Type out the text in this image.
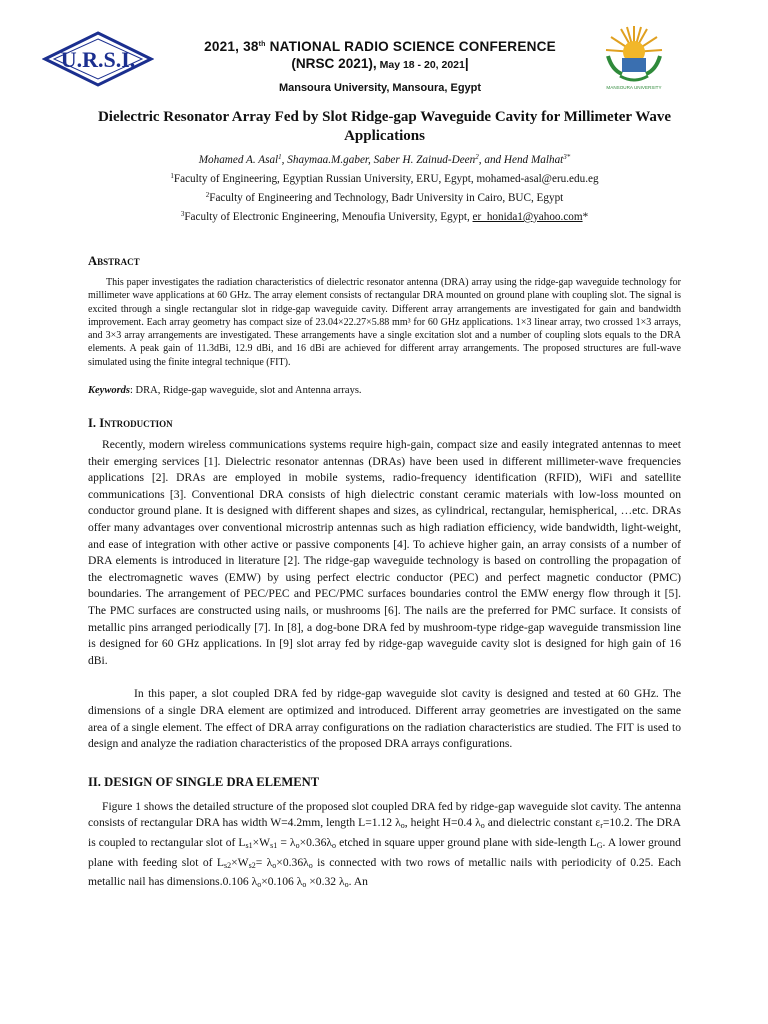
U.R.S.I.
2021, 38th NATIONAL RADIO SCIENCE CONFERENCE
(NRSC 2021), May 18 - 20, 2021|
Mansoura University, Mansoura, Egypt	MANSOURA UNIVERSITY

Dielectric Resonator Array Fed by Slot Ridge-gap Waveguide Cavity for Millimeter Wave Applications

Mohamed A. Asal$^1$, Shaymaa.M.gaber, Saber H. Zainud-Deen$^2$, and Hend Malhat$^{3*}$
$^1$Faculty of Engineering, Egyptian Russian University, ERU, Egypt, mohamed-asal@eru.edu.eg
$^2$Faculty of Engineering and Technology, Badr University in Cairo, BUC, Egypt
$^3$Faculty of Electronic Engineering, Menoufia University, Egypt, er_honida1@yahoo.com*

Abstract

This paper investigates the radiation characteristics of dielectric resonator antenna (DRA) array using the ridge-gap waveguide technology for millimeter wave applications at 60 GHz. The array element consists of rectangular DRA mounted on ground plane with coupling slot. The signal is excited through a single rectangular slot in ridge-gap waveguide cavity. Different array arrangements are investigated for gain and bandwidth improvement. Each array geometry has compact size of 23.04×22.27×5.88 mm³ for 60 GHz applications. 1×3 linear array, two crossed 1×3 arrays, and 3×3 array arrangements are investigated. These arrangements have a single excitation slot and a number of coupling slots equals to the DRA elements. A peak gain of 11.3dBi, 12.9 dBi, and 16 dBi are achieved for different array arrangements. The proposed structures are full-wave simulated using the finite integral technique (FIT).

Keywords: DRA, Ridge-gap waveguide, slot and Antenna arrays.

I. Introduction

Recently, modern wireless communications systems require high-gain, compact size and easily integrated antennas to meet their emerging services [1]. Dielectric resonator antennas (DRAs) have been used in different millimeter-wave frequencies applications [2]. DRAs are employed in mobile systems, radio-frequency identification (RFID), WiFi and satellite communications [3]. Conventional DRA consists of high dielectric constant ceramic materials with low-loss mounted on conductor ground plane. It is designed with different shapes and sizes, as cylindrical, rectangular, hemispherical, …etc. DRAs offer many advantages over conventional microstrip antennas such as high radiation efficiency, wide bandwidth, light-weight, and ease of integration with other active or passive components [4]. To achieve higher gain, an array consists of a number of DRA elements is introduced in literature [2]. The ridge-gap waveguide technology is based on controlling the propagation of the electromagnetic waves (EMW) by using perfect electric conductor (PEC) and perfect magnetic conductor (PMC) boundaries. The arrangement of PEC/PEC and PEC/PMC surfaces boundaries control the EMW energy flow through it [5]. The PMC surfaces are constructed using nails, or mushrooms [6]. The nails are the preferred for PMC surface. It consists of metallic pins arranged periodically [7]. In [8], a dog-bone DRA fed by mushroom-type ridge-gap waveguide transmission line is designed for 60 GHz applications. In [9] slot array fed by ridge-gap waveguide cavity slot is designed for high gain of 16 dBi.

In this paper, a slot coupled DRA fed by ridge-gap waveguide slot cavity is designed and tested at 60 GHz. The dimensions of a single DRA element are optimized and introduced. Different array geometries are investigated on the same area of a single element. The effect of DRA array configurations on the radiation characteristics are studied. The FIT is used to design and analyze the radiation characteristics of the proposed DRA arrays configurations.

II. DESIGN OF SINGLE DRA ELEMENT

Figure 1 shows the detailed structure of the proposed slot coupled DRA fed by ridge-gap waveguide slot cavity. The antenna consists of rectangular DRA has width W=4.2mm, length L=1.12 $\lambda_o$, height H=0.4 $\lambda_o$ and dielectric constant $\varepsilon_r=10.2$. The DRA is coupled to rectangular slot of $L_{s1}\times W_{s1} = \lambda_o\times 0.36\lambda_o$ etched in square upper ground plane with side-length $L_G$. A lower ground plane with feeding slot of $L_{s2}\times W_{s2}= \lambda_o\times 0.36\lambda_o$ is connected with two rows of metallic nails with periodicity of 0.25. Each metallic nail has dimensions.0.106 $\lambda_o\times 0.106$ $\lambda_o \times 0.32$ $\lambda_o$. An
